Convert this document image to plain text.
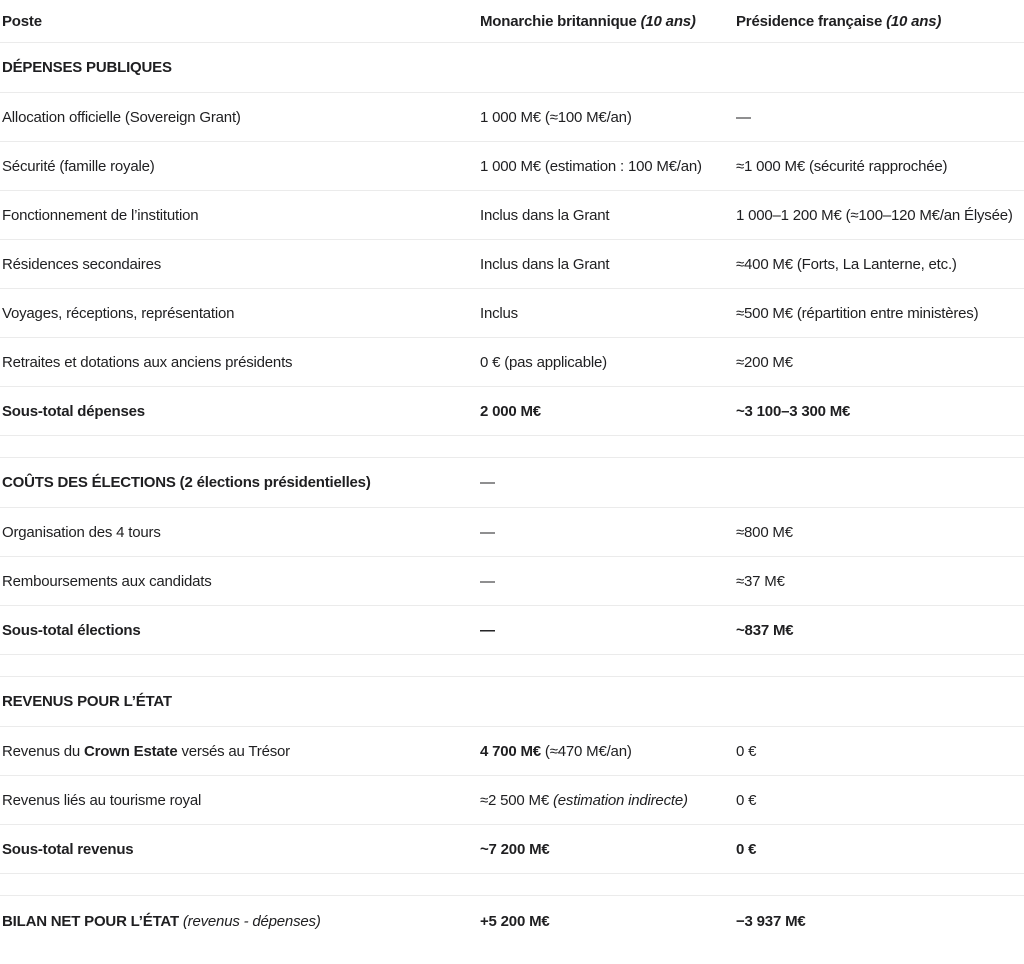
Poste	Monarchie britannique (10 ans)	Présidence française (10 ans)
DÉPENSES PUBLIQUES
Allocation officielle (Sovereign Grant)	1 000 M€ (≈100 M€/an)	—
Sécurité (famille royale)	1 000 M€ (estimation : 100 M€/an)	≈1 000 M€ (sécurité rapprochée)
Fonctionnement de l’institution	Inclus dans la Grant	1 000–1 200 M€ (≈100–120 M€/an Élysée)
Résidences secondaires	Inclus dans la Grant	≈400 M€ (Forts, La Lanterne, etc.)
Voyages, réceptions, représentation	Inclus	≈500 M€ (répartition entre ministères)
Retraites et dotations aux anciens présidents	0 € (pas applicable)	≈200 M€
Sous-total dépenses	2 000 M€	~3 100–3 300 M€
COÛTS DES ÉLECTIONS (2 élections présidentielles)	—
Organisation des 4 tours	—	≈800 M€
Remboursements aux candidats	—	≈37 M€
Sous-total élections	—	~837 M€
REVENUS POUR L’ÉTAT
Revenus du Crown Estate versés au Trésor	4 700 M€ (≈470 M€/an)	0 €
Revenus liés au tourisme royal	≈2 500 M€ (estimation indirecte)	0 €
Sous-total revenus	~7 200 M€	0 €
BILAN NET POUR L’ÉTAT (revenus - dépenses)	+5 200 M€	−3 937 M€
